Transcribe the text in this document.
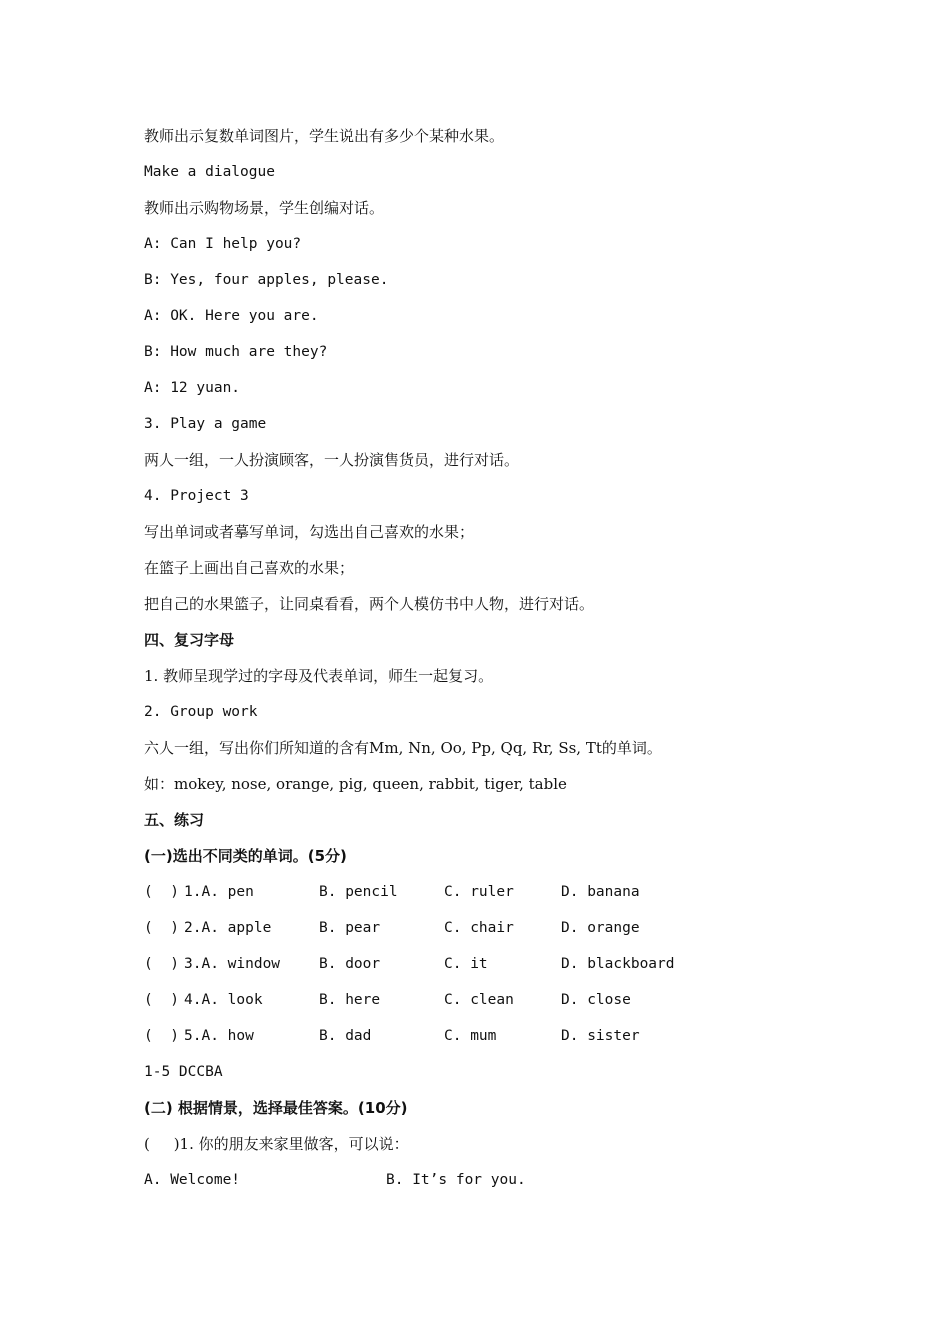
教师出示复数单词图片，学生说出有多少个某种水果。
Make a dialogue
教师出示购物场景，学生创编对话。
A: Can I help you?
B: Yes, four apples, please.
A: OK. Here you are.
B: How much are they?
A: 12 yuan.
3. Play a game
两人一组，一人扮演顾客，一人扮演售货员，进行对话。
4. Project 3
写出单词或者摹写单词，勾选出自己喜欢的水果；
在篮子上画出自己喜欢的水果；
把自己的水果篮子，让同桌看看，两个人模仿书中人物，进行对话。
四、复习字母
1. 教师呈现学过的字母及代表单词，师生一起复习。
2. Group work
六人一组，写出你们所知道的含有Mm, Nn, Oo, Pp, Qq, Rr, Ss, Tt的单词。
如：mokey, nose, orange, pig, queen, rabbit, tiger, table
五、练习
(一)选出不同类的单词。(5分)
(  ) 1.A. pen	B. pencil	C. ruler	D. banana
(  ) 2.A. apple	B. pear	C. chair	D. orange
(  ) 3.A. window	B. door	C. it	D. blackboard
(  ) 4.A. look	B. here	C. clean	D. close
(  ) 5.A. how	B. dad	C. mum	D. sister
1-5 DCCBA
(二) 根据情景，选择最佳答案。(10分)
(     )1. 你的朋友来家里做客，可以说：
A. Welcome!	B. It’s for you.
